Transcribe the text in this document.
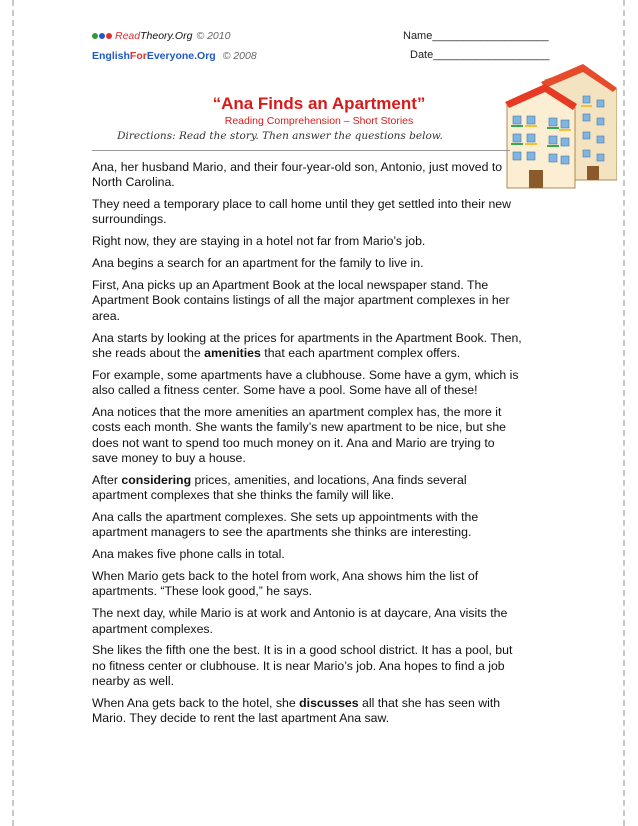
ReadTheory.Org © 2010
EnglishForEveryone.Org © 2008
Name___________________
Date___________________
“Ana Finds an Apartment”
Reading Comprehension – Short Stories
Directions: Read the story. Then answer the questions below.

Ana, her husband Mario, and their four-year-old son, Antonio, just moved to North Carolina.

They need a temporary place to call home until they get settled into their new surroundings.

Right now, they are staying in a hotel not far from Mario’s job.

Ana begins a search for an apartment for the family to live in.

First, Ana picks up an Apartment Book at the local newspaper stand. The Apartment Book contains listings of all the major apartment complexes in her area.

Ana starts by looking at the prices for apartments in the Apartment Book. Then, she reads about the amenities that each apartment complex offers.

For example, some apartments have a clubhouse. Some have a gym, which is also called a fitness center. Some have a pool. Some have all of these!

Ana notices that the more amenities an apartment complex has, the more it costs each month. She wants the family’s new apartment to be nice, but she does not want to spend too much money on it. Ana and Mario are trying to save money to buy a house.

After considering prices, amenities, and locations, Ana finds several apartment complexes that she thinks the family will like.

Ana calls the apartment complexes. She sets up appointments with the apartment managers to see the apartments she thinks are interesting.

Ana makes five phone calls in total.

When Mario gets back to the hotel from work, Ana shows him the list of apartments. “These look good,” he says.

The next day, while Mario is at work and Antonio is at daycare, Ana visits the apartment complexes.

She likes the fifth one the best. It is in a good school district. It has a pool, but no fitness center or clubhouse. It is near Mario’s job. Ana hopes to find a job nearby as well.

When Ana gets back to the hotel, she discusses all that she has seen with Mario. They decide to rent the last apartment Ana saw.
